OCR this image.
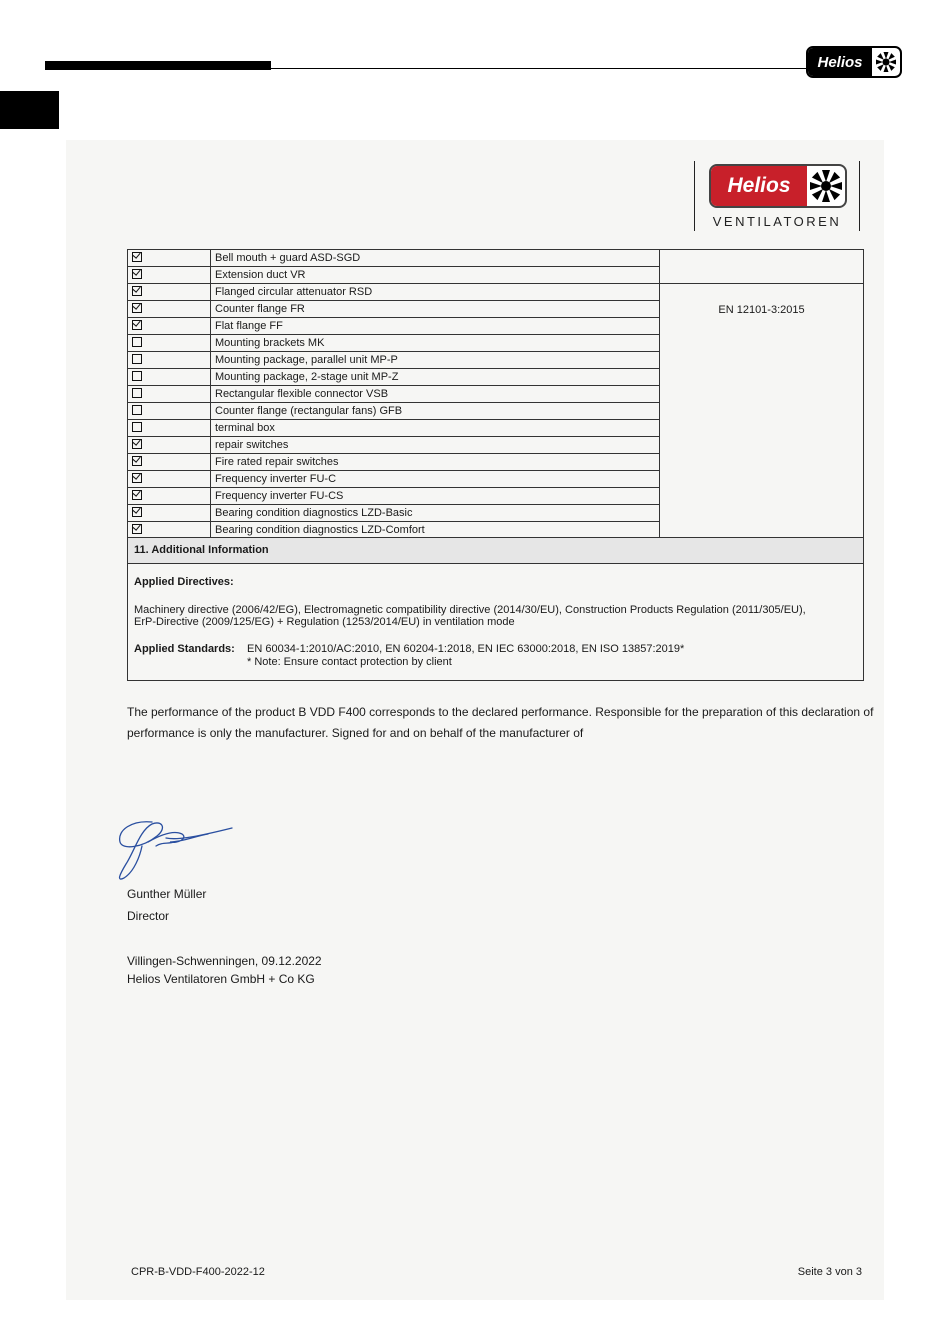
Helios
Helios
VENTILATOREN
	Bell mouth + guard ASD-SGD	
	Extension duct VR	
	Flanged circular attenuator RSD	EN 12101-3:2015
	Counter flange FR	
	Flat flange FF	
	Mounting brackets MK	
	Mounting package, parallel unit MP-P	
	Mounting package, 2-stage unit MP-Z	
	Rectangular flexible connector VSB	
	Counter flange (rectangular fans) GFB	
	terminal box	
	repair switches	
	Fire rated repair switches	
	Frequency inverter FU-C	
	Frequency inverter FU-CS	
	Bearing condition diagnostics LZD-Basic	
	Bearing condition diagnostics LZD-Comfort	
11. Additional Information
Applied Directives:
Machinery directive (2006/42/EG), Electromagnetic compatibility directive (2014/30/EU), Construction Products Regulation (2011/305/EU),
ErP-Directive (2009/125/EG) + Regulation (1253/2014/EU) in ventilation mode
Applied Standards: EN 60034-1:2010/AC:2010, EN 60204-1:2018, EN IEC 63000:2018, EN ISO 13857:2019*
* Note: Ensure contact protection by client
The performance of the product B VDD F400 corresponds to the declared performance. Responsible for the preparation of this declaration of
performance is only the manufacturer. Signed for and on behalf of the manufacturer of
Gunther Müller
Director
Villingen-Schwenningen, 09.12.2022
Helios Ventilatoren GmbH + Co KG
CPR-B-VDD-F400-2022-12	Seite 3 von 3
